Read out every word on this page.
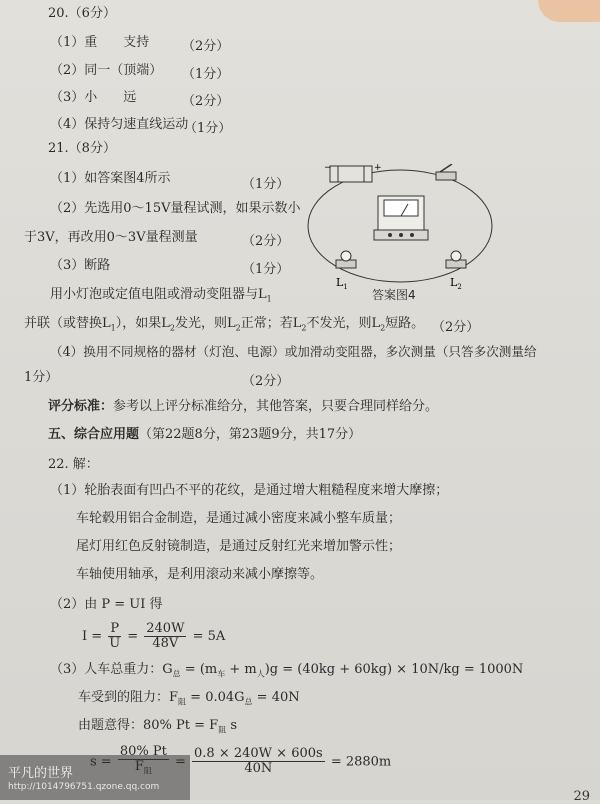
20.（6分）
（1）重　　支持	（2分）
（2）同一（顶端） （1分）
（3）小　　远	（2分）
（4）保持匀速直线运动
（1分）
21.（8分）
（1）如答案图4所示	（1分）
（2）先选用0～15V量程试测，如果示数小
于3V，再改用0～3V量程测量	（2分）
（3）断路	（1分）
用小灯泡或定值电阻或滑动变阻器与$L_1$
并联（或替换$L_1$），如果$L_2$发光，则$L_2$正常；若$L_2$不发光，则$L_2$短路。 （2分）
（4）换用不同规格的器材（灯泡、电源）或加滑动变阻器，多次测量（只答多次测量给
1分）	（2分）
−	+
$L_1$	$L_2$
答案图4
评分标准：参考以上评分标准给分，其他答案，只要合理同样给分。
五、综合应用题（第22题8分，第23题9分，共17分）
22. 解：
（1）轮胎表面有凹凸不平的花纹，是通过增大粗糙程度来增大摩擦；
车轮毂用铝合金制造，是通过减小密度来减小整车质量；
尾灯用红色反射镜制造，是通过反射红光来增加警示性；
车轴使用轴承，是利用滚动来减小摩擦等。
（2）由 P = UI 得
$I = \frac{P}{U} = \frac{240W}{48V} = 5A$
（3）人车总重力：$G_总 = (m_车 + m_人)g = (40kg + 60kg) \times 10N/kg = 1000N$
车受到的阻力：$F_阻 = 0.04G_总 = 40N$
由题意得：80% $Pt = F_阻$ s
$s = \frac{80\% Pt}{F_阻} = \frac{0.8 \times 240W \times 600s}{40N} = 2880m$
平凡的世界
http://1014796751.qzone.qq.com
29
